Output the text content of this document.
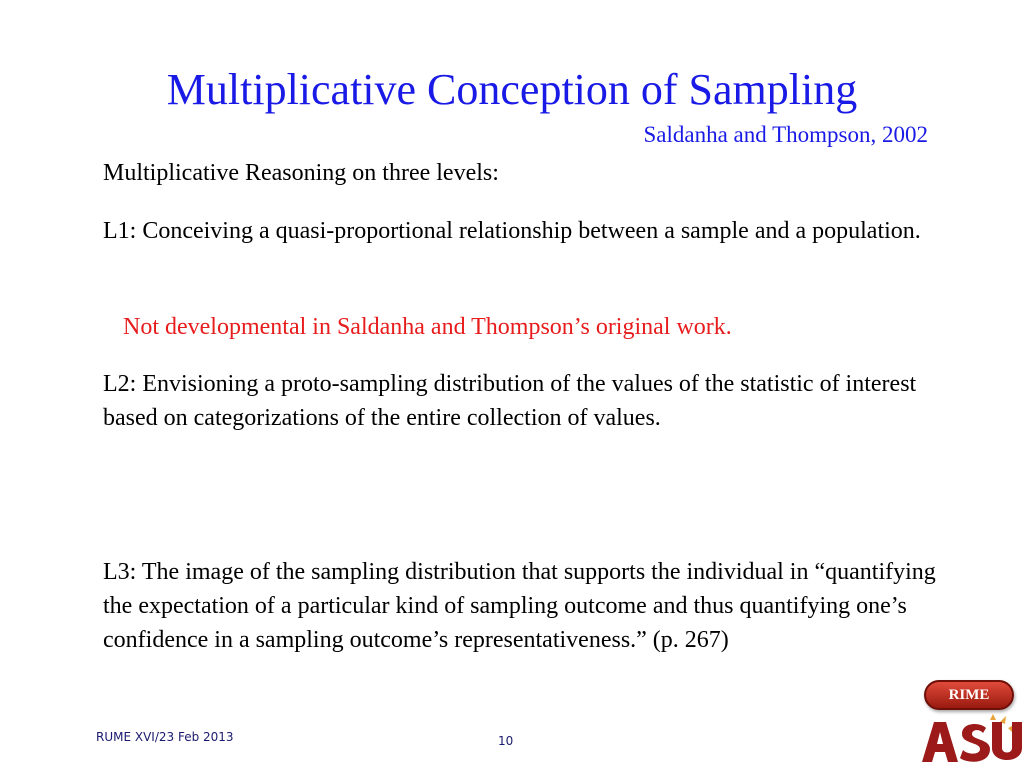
Multiplicative Conception of Sampling
Saldanha and Thompson, 2002

Multiplicative Reasoning on three levels:

L1: Conceiving a quasi-proportional relationship between a sample and a population.

Not developmental in Saldanha and Thompson’s original work.

L2: Envisioning a proto-sampling distribution of the values of the statistic of interest based on categorizations of the entire collection of values.

L3: The image of the sampling distribution that supports the individual in “quantifying the expectation of a particular kind of sampling outcome and thus quantifying one’s confidence in a sampling outcome’s representativeness.” (p. 267)

RUME XVI/23 Feb 2013	10
RIME
